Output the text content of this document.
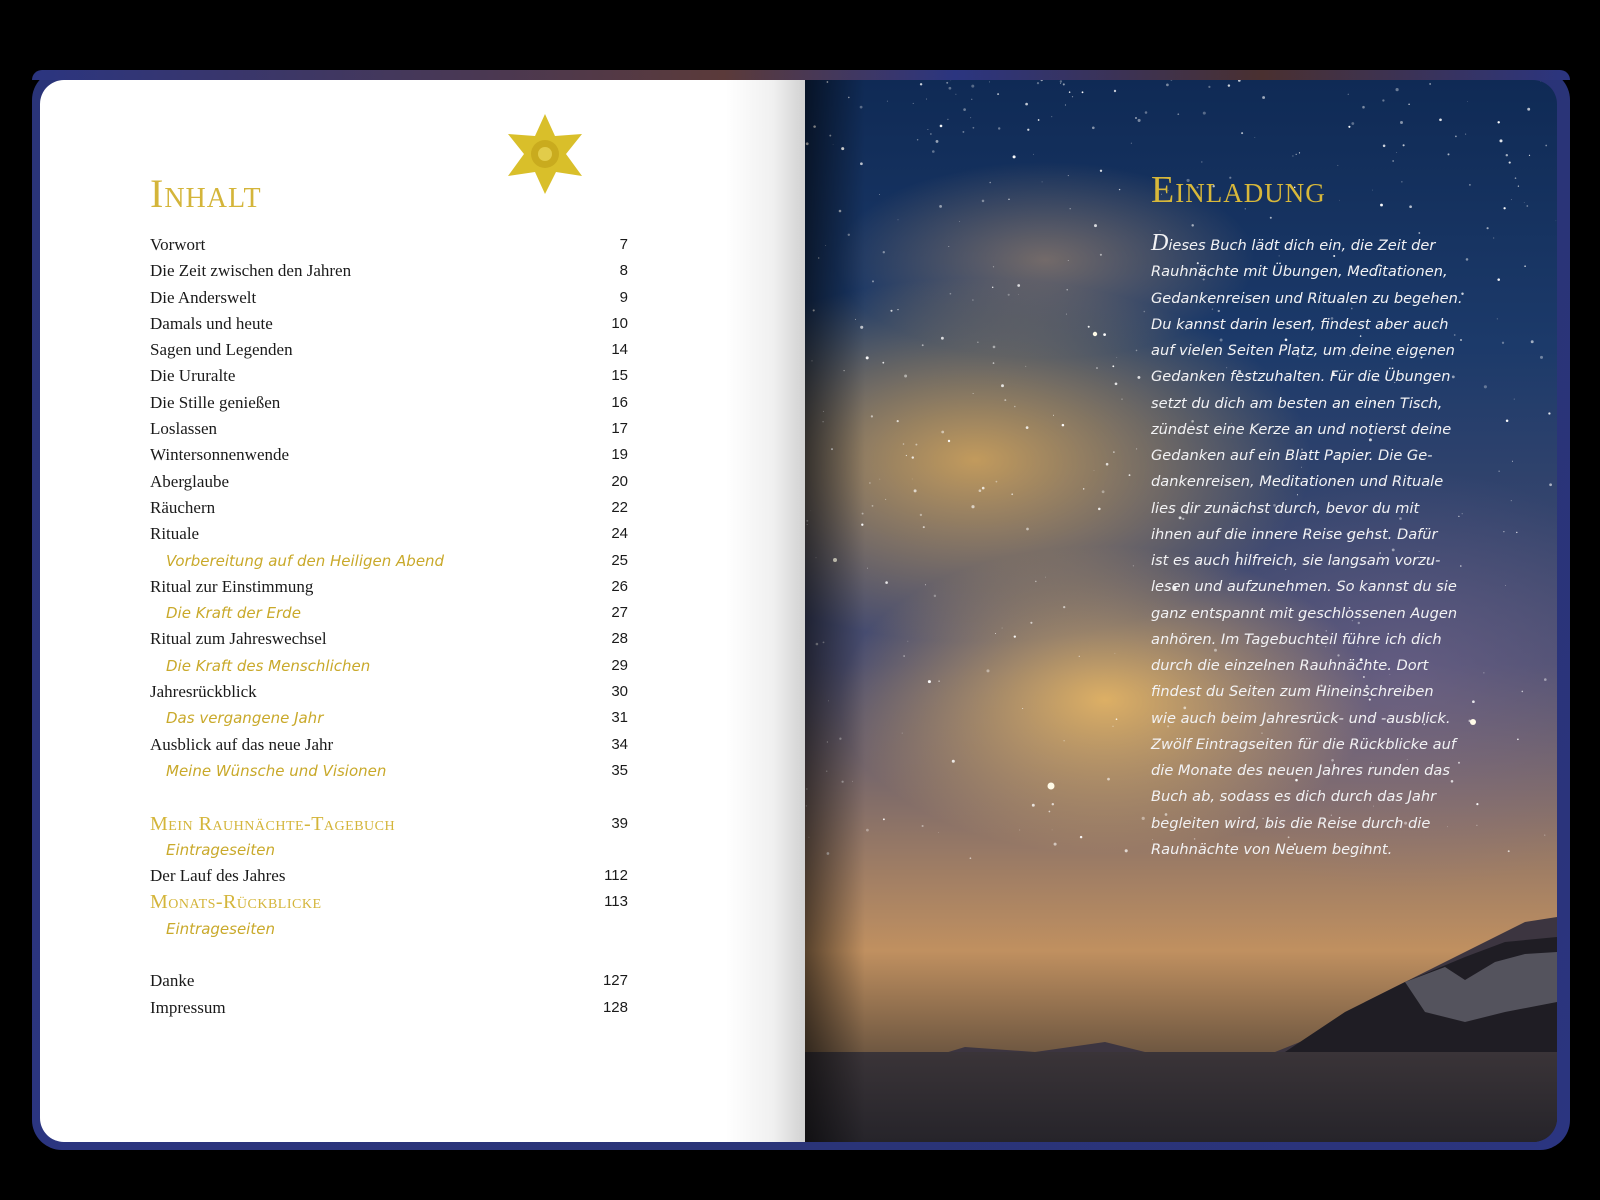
Inhalt
Vorwort	7
Die Zeit zwischen den Jahren	8
Die Anderswelt	9
Damals und heute	10
Sagen und Legenden	14
Die Ururalte	15
Die Stille genießen	16
Loslassen	17
Wintersonnenwende	19
Aberglaube	20
Räuchern	22
Rituale	24
Vorbereitung auf den Heiligen Abend	25
Ritual zur Einstimmung	26
Die Kraft der Erde	27
Ritual zum Jahreswechsel	28
Die Kraft des Menschlichen	29
Jahresrückblick	30
Das vergangene Jahr	31
Ausblick auf das neue Jahr	34
Meine Wünsche und Visionen	35
Mein Rauhnächte-Tagebuch	39
Eintrageseiten
Der Lauf des Jahres	112
Monats-Rückblicke	113
Eintrageseiten
Danke	127
Impressum	128
Einladung
Dieses Buch lädt dich ein, die Zeit der
Rauhnächte mit Übungen, Meditationen,
Gedankenreisen und Ritualen zu begehen.
Du kannst darin lesen, findest aber auch
auf vielen Seiten Platz, um deine eigenen
Gedanken festzuhalten. Für die Übungen
setzt du dich am besten an einen Tisch,
zündest eine Kerze an und notierst deine
Gedanken auf ein Blatt Papier. Die Ge-
dankenreisen, Meditationen und Rituale
lies dir zunächst durch, bevor du mit
ihnen auf die innere Reise gehst. Dafür
ist es auch hilfreich, sie langsam vorzu-
lesen und aufzunehmen. So kannst du sie
ganz entspannt mit geschlossenen Augen
anhören. Im Tagebuchteil führe ich dich
durch die einzelnen Rauhnächte. Dort
findest du Seiten zum Hineinschreiben
wie auch beim Jahresrück- und -ausblick.
Zwölf Eintragseiten für die Rückblicke auf
die Monate des neuen Jahres runden das
Buch ab, sodass es dich durch das Jahr
begleiten wird, bis die Reise durch die
Rauhnächte von Neuem beginnt.
